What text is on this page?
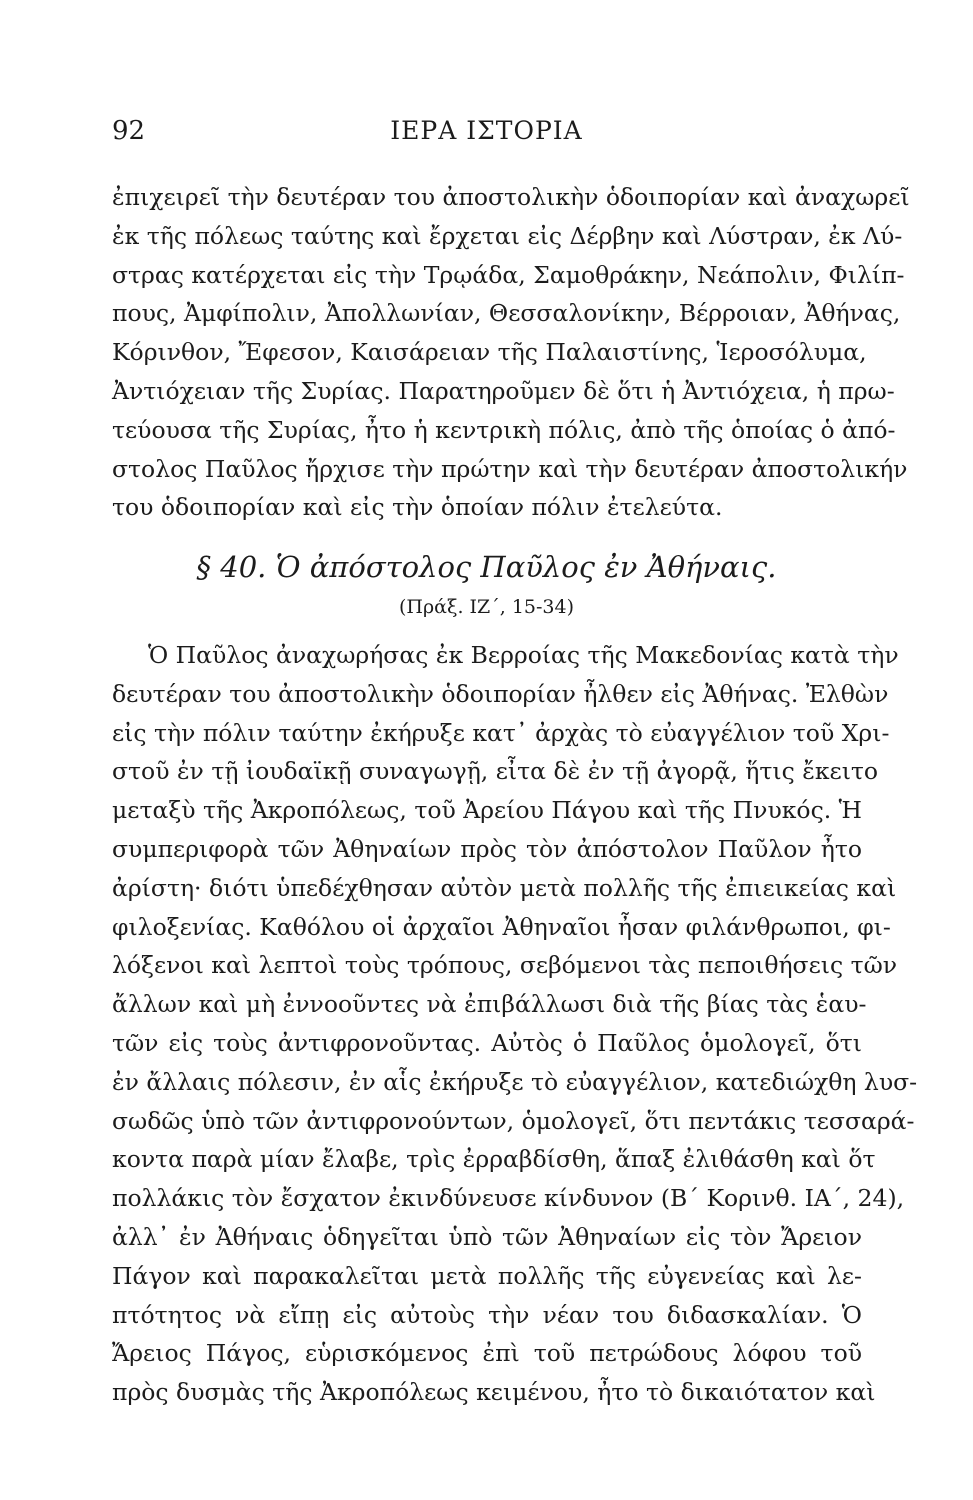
92	ΙΕΡΑ ΙΣΤΟΡΙΑ
ἐπιχειρεῖ τὴν δευτέραν του ἀποστολικὴν ὁδοιπορίαν καὶ ἀναχωρεῖ
ἐκ τῆς πόλεως ταύτης καὶ ἔρχεται εἰς Δέρβην καὶ Λύστραν, ἐκ Λύ-
στρας κατέρχεται εἰς τὴν Τρῳάδα, Σαμοθράκην, Νεάπολιν, Φιλίπ-
πους, Ἀμφίπολιν, Ἀπολλωνίαν, Θεσσαλονίκην, Βέρροιαν, Ἀθήνας,
Κόρινθον, Ἔφεσον, Καισάρειαν τῆς Παλαιστίνης, Ἱεροσόλυμα,
Ἀντιόχειαν τῆς Συρίας. Παρατηροῦμεν δὲ ὅτι ἡ Ἀντιόχεια, ἡ πρω-
τεύουσα τῆς Συρίας, ἦτο ἡ κεντρικὴ πόλις, ἀπὸ τῆς ὁποίας ὁ ἀπό-
στολος Παῦλος ἤρχισε τὴν πρώτην καὶ τὴν δευτέραν ἀποστολικήν
του ὁδοιπορίαν καὶ εἰς τὴν ὁποίαν πόλιν ἐτελεύτα.
§ 40. Ὁ ἀπόστολος Παῦλος ἐν Ἀθήναις.
(Πράξ. ΙΖ΄, 15-34)
Ὁ Παῦλος ἀναχωρήσας ἐκ Βερροίας τῆς Μακεδονίας κατὰ τὴν
δευτέραν του ἀποστολικὴν ὁδοιπορίαν ἦλθεν εἰς Ἀθήνας. Ἐλθὼν
εἰς τὴν πόλιν ταύτην ἐκήρυξε κατ᾽ ἀρχὰς τὸ εὐαγγέλιον τοῦ Χρι-
στοῦ ἐν τῇ ἰουδαϊκῇ συναγωγῇ, εἶτα δὲ ἐν τῇ ἀγορᾷ, ἥτις ἔκειτο
μεταξὺ τῆς Ἀκροπόλεως, τοῦ Ἀρείου Πάγου καὶ τῆς Πνυκός. Ἡ
συμπεριφορὰ τῶν Ἀθηναίων πρὸς τὸν ἀπόστολον Παῦλον ἦτο
ἀρίστη· διότι ὑπεδέχθησαν αὐτὸν μετὰ πολλῆς τῆς ἐπιεικείας καὶ
φιλοξενίας. Καθόλου οἱ ἀρχαῖοι Ἀθηναῖοι ἦσαν φιλάνθρωποι, φι-
λόξενοι καὶ λεπτοὶ τοὺς τρόπους, σεβόμενοι τὰς πεποιθήσεις τῶν
ἄλλων καὶ μὴ ἐννοοῦντες νὰ ἐπιβάλλωσι διὰ τῆς βίας τὰς ἑαυ-
τῶν εἰς τοὺς ἀντιφρονοῦντας. Αὐτὸς ὁ Παῦλος ὁμολογεῖ, ὅτι
ἐν ἄλλαις πόλεσιν, ἐν αἷς ἐκήρυξε τὸ εὐαγγέλιον, κατεδιώχθη λυσ-
σωδῶς ὑπὸ τῶν ἀντιφρονούντων, ὁμολογεῖ, ὅτι πεντάκις τεσσαρά-
κοντα παρὰ μίαν ἔλαβε, τρὶς ἐρραβδίσθη, ἅπαξ ἐλιθάσθη καὶ ὅτ
πολλάκις τὸν ἔσχατον ἐκινδύνευσε κίνδυνον (Β΄ Κορινθ. ΙΑ΄, 24),
ἀλλ᾽ ἐν Ἀθήναις ὁδηγεῖται ὑπὸ τῶν Ἀθηναίων εἰς τὸν Ἄρειον
Πάγον καὶ παρακαλεῖται μετὰ πολλῆς τῆς εὐγενείας καὶ λε-
πτότητος νὰ εἴπῃ εἰς αὐτοὺς τὴν νέαν του διδασκαλίαν. Ὁ
Ἄρειος Πάγος, εὑρισκόμενος ἐπὶ τοῦ πετρώδους λόφου τοῦ
πρὸς δυσμὰς τῆς Ἀκροπόλεως κειμένου, ἦτο τὸ δικαιότατον καὶ
